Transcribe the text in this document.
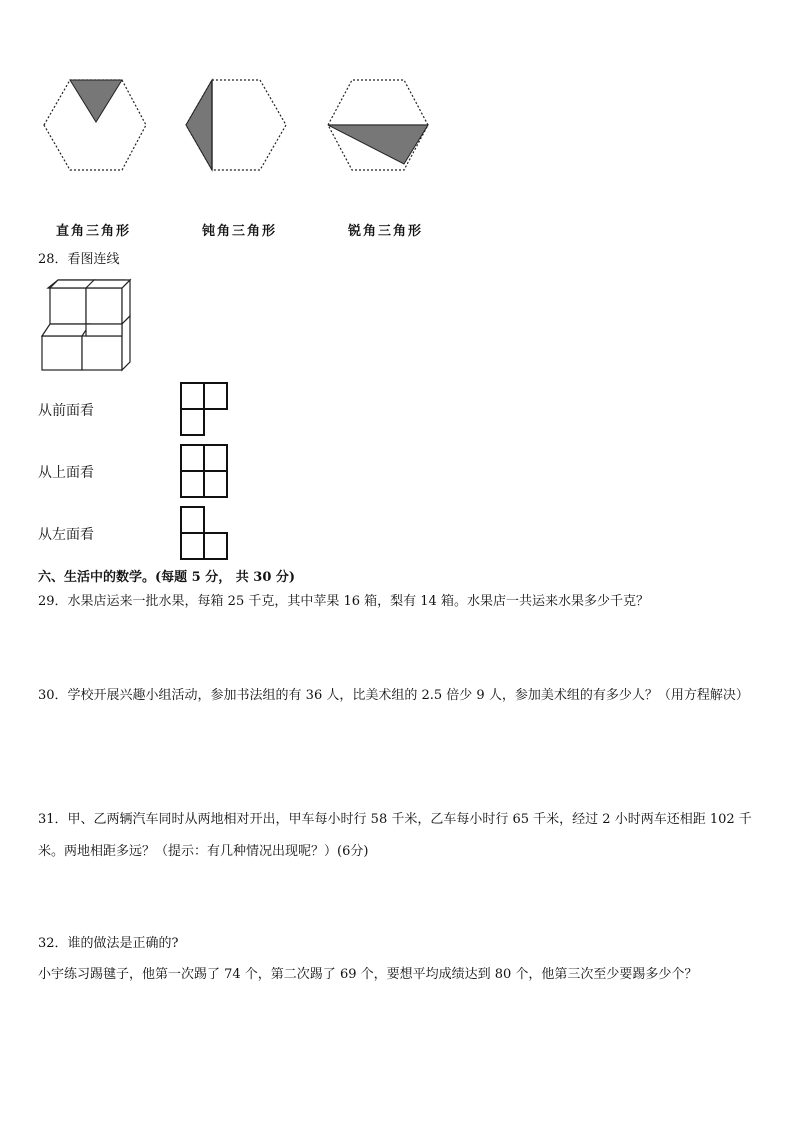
直角三角形	钝角三角形	锐角三角形
28．看图连线
从前面看
从上面看
从左面看
六、生活中的数学。(每题 5 分， 共 30 分)
29．水果店运来一批水果，每箱 25 千克，其中苹果 16 箱，梨有 14 箱。水果店一共运来水果多少千克？
30．学校开展兴趣小组活动，参加书法组的有 36 人，比美术组的 2.5 倍少 9 人，参加美术组的有多少人？（用方程解决）
31．甲、乙两辆汽车同时从两地相对开出，甲车每小时行 58 千米，乙车每小时行 65 千米，经过 2 小时两车还相距 102 千米。两地相距多远？（提示：有几种情况出现呢？）(6分)
32．谁的做法是正确的?
小宇练习踢毽子，他第一次踢了 74 个，第二次踢了 69 个，要想平均成绩达到 80 个，他第三次至少要踢多少个？
